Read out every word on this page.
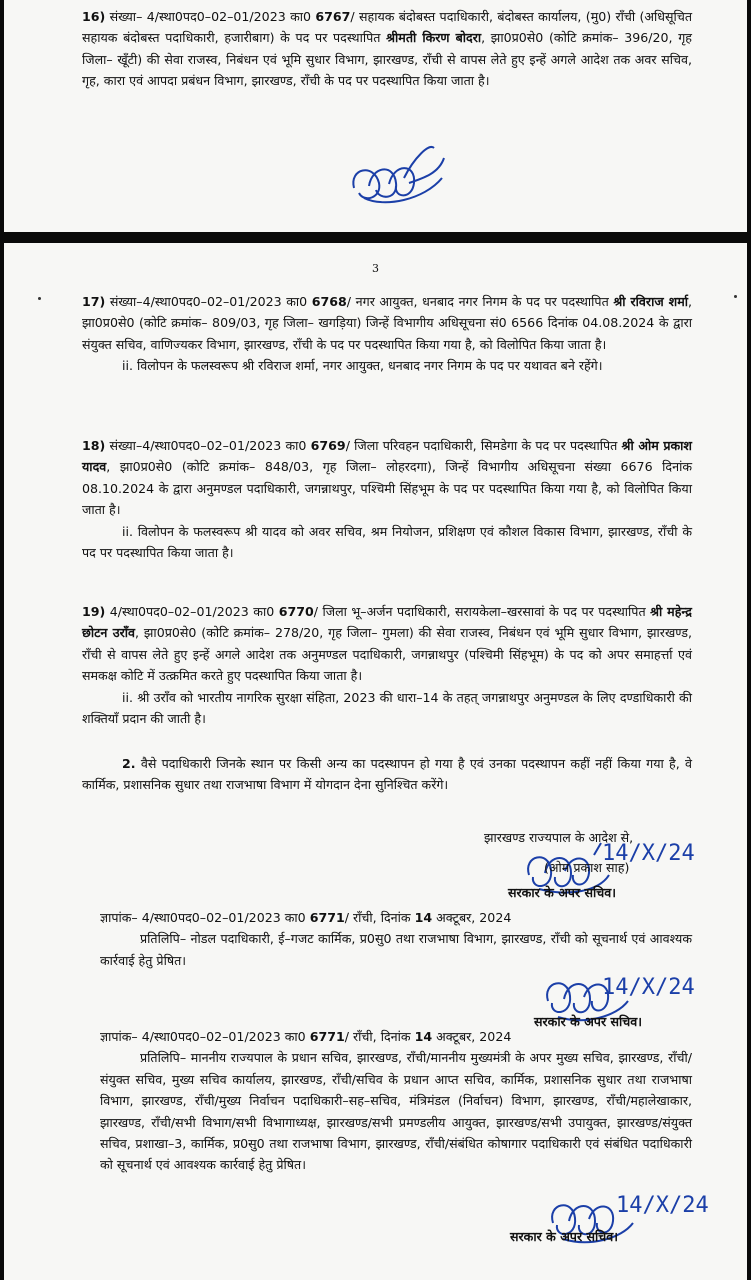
16) संख्या– 4/स्था0पद0–02–01/2023 का0 6767/ सहायक बंदोबस्त पदाधिकारी, बंदोबस्त कार्यालय, (मु0) राँची (अधिसूचित सहायक बंदोबस्त पदाधिकारी, हजारीबाग) के पद पर पदस्थापित श्रीमती किरण बोदरा, झा0प्र0से0 (कोटि क्रमांक– 396/20, गृह जिला– खूँटी) की सेवा राजस्व, निबंधन एवं भूमि सुधार विभाग, झारखण्ड, राँची से वापस लेते हुए इन्हें अगले आदेश तक अवर सचिव, गृह, कारा एवं आपदा प्रबंधन विभाग, झारखण्ड, राँची के पद पर पदस्थापित किया जाता है।

3

17) संख्या–4/स्था0पद0–02–01/2023 का0 6768/ नगर आयुक्त, धनबाद नगर निगम के पद पर पदस्थापित श्री रविराज शर्मा, झा0प्र0से0 (कोटि क्रमांक– 809/03, गृह जिला– खगड़िया) जिन्हें विभागीय अधिसूचना सं0 6566 दिनांक 04.08.2024 के द्वारा संयुक्त सचिव, वाणिज्यकर विभाग, झारखण्ड, राँची के पद पर पदस्थापित किया गया है, को विलोपित किया जाता है।

ii. विलोपन के फलस्वरूप श्री रविराज शर्मा, नगर आयुक्त, धनबाद नगर निगम के पद पर यथावत बने रहेंगे।

18) संख्या–4/स्था0पद0–02–01/2023 का0 6769/ जिला परिवहन पदाधिकारी, सिमडेगा के पद पर पदस्थापित श्री ओम प्रकाश यादव, झा0प्र0से0 (कोटि क्रमांक– 848/03, गृह जिला– लोहरदगा), जिन्हें विभागीय अधिसूचना संख्या 6676 दिनांक 08.10.2024 के द्वारा अनुमण्डल पदाधिकारी, जगन्नाथपुर, पश्चिमी सिंहभूम के पद पर पदस्थापित किया गया है, को विलोपित किया जाता है।

ii. विलोपन के फलस्वरूप श्री यादव को अवर सचिव, श्रम नियोजन, प्रशिक्षण एवं कौशल विकास विभाग, झारखण्ड, राँची के पद पर पदस्थापित किया जाता है।

19) 4/स्था0पद0–02–01/2023 का0 6770/ जिला भू–अर्जन पदाधिकारी, सरायकेला–खरसावां के पद पर पदस्थापित श्री महेन्द्र छोटन उराँव, झा0प्र0से0 (कोटि क्रमांक– 278/20, गृह जिला– गुमला) की सेवा राजस्व, निबंधन एवं भूमि सुधार विभाग, झारखण्ड, राँची से वापस लेते हुए इन्हें अगले आदेश तक अनुमण्डल पदाधिकारी, जगन्नाथपुर (पश्चिमी सिंहभूम) के पद को अपर समाहर्त्ता एवं समकक्ष कोटि में उत्क्रमित करते हुए पदस्थापित किया जाता है।

ii. श्री उराँव को भारतीय नागरिक सुरक्षा संहिता, 2023 की धारा–14 के तहत् जगन्नाथपुर अनुमण्डल के लिए दण्डाधिकारी की शक्तियाँ प्रदान की जाती है।

2. वैसे पदाधिकारी जिनके स्थान पर किसी अन्य का पदस्थापन हो गया है एवं उनका पदस्थापन कहीं नहीं किया गया है, वे कार्मिक, प्रशासनिक सुधार तथा राजभाषा विभाग में योगदान देना सुनिश्चित करेंगे।

झारखण्ड राज्यपाल के आदेश से,
(ओम प्रकाश साह)
14/X/24
सरकार के अपर सचिव।

ज्ञापांक– 4/स्था0पद0–02–01/2023 का0 6771/ राँची, दिनांक 14 अक्टूबर, 2024

प्रतिलिपि– नोडल पदाधिकारी, ई–गजट कार्मिक, प्र0सु0 तथा राजभाषा विभाग, झारखण्ड, राँची को सूचनार्थ एवं आवश्यक कार्रवाई हेतु प्रेषित।

14/X/24
सरकार के अपर सचिव।

ज्ञापांक– 4/स्था0पद0–02–01/2023 का0 6771/ राँची, दिनांक 14 अक्टूबर, 2024

प्रतिलिपि– माननीय राज्यपाल के प्रधान सचिव, झारखण्ड, राँची/माननीय मुख्यमंत्री के अपर मुख्य सचिव, झारखण्ड, राँची/संयुक्त सचिव, मुख्य सचिव कार्यालय, झारखण्ड, राँची/सचिव के प्रधान आप्त सचिव, कार्मिक, प्रशासनिक सुधार तथा राजभाषा विभाग, झारखण्ड, राँची/मुख्य निर्वाचन पदाधिकारी–सह–सचिव, मंत्रिमंडल (निर्वाचन) विभाग, झारखण्ड, राँची/महालेखाकार, झारखण्ड, राँची/सभी विभाग/सभी विभागाध्यक्ष, झारखण्ड/सभी प्रमण्डलीय आयुक्त, झारखण्ड/सभी उपायुक्त, झारखण्ड/संयुक्त सचिव, प्रशाखा–3, कार्मिक, प्र0सु0 तथा राजभाषा विभाग, झारखण्ड, राँची/संबंधित कोषागार पदाधिकारी एवं संबंधित पदाधिकारी को सूचनार्थ एवं आवश्यक कार्रवाई हेतु प्रेषित।

14/X/24
सरकार के अपर सचिव।
